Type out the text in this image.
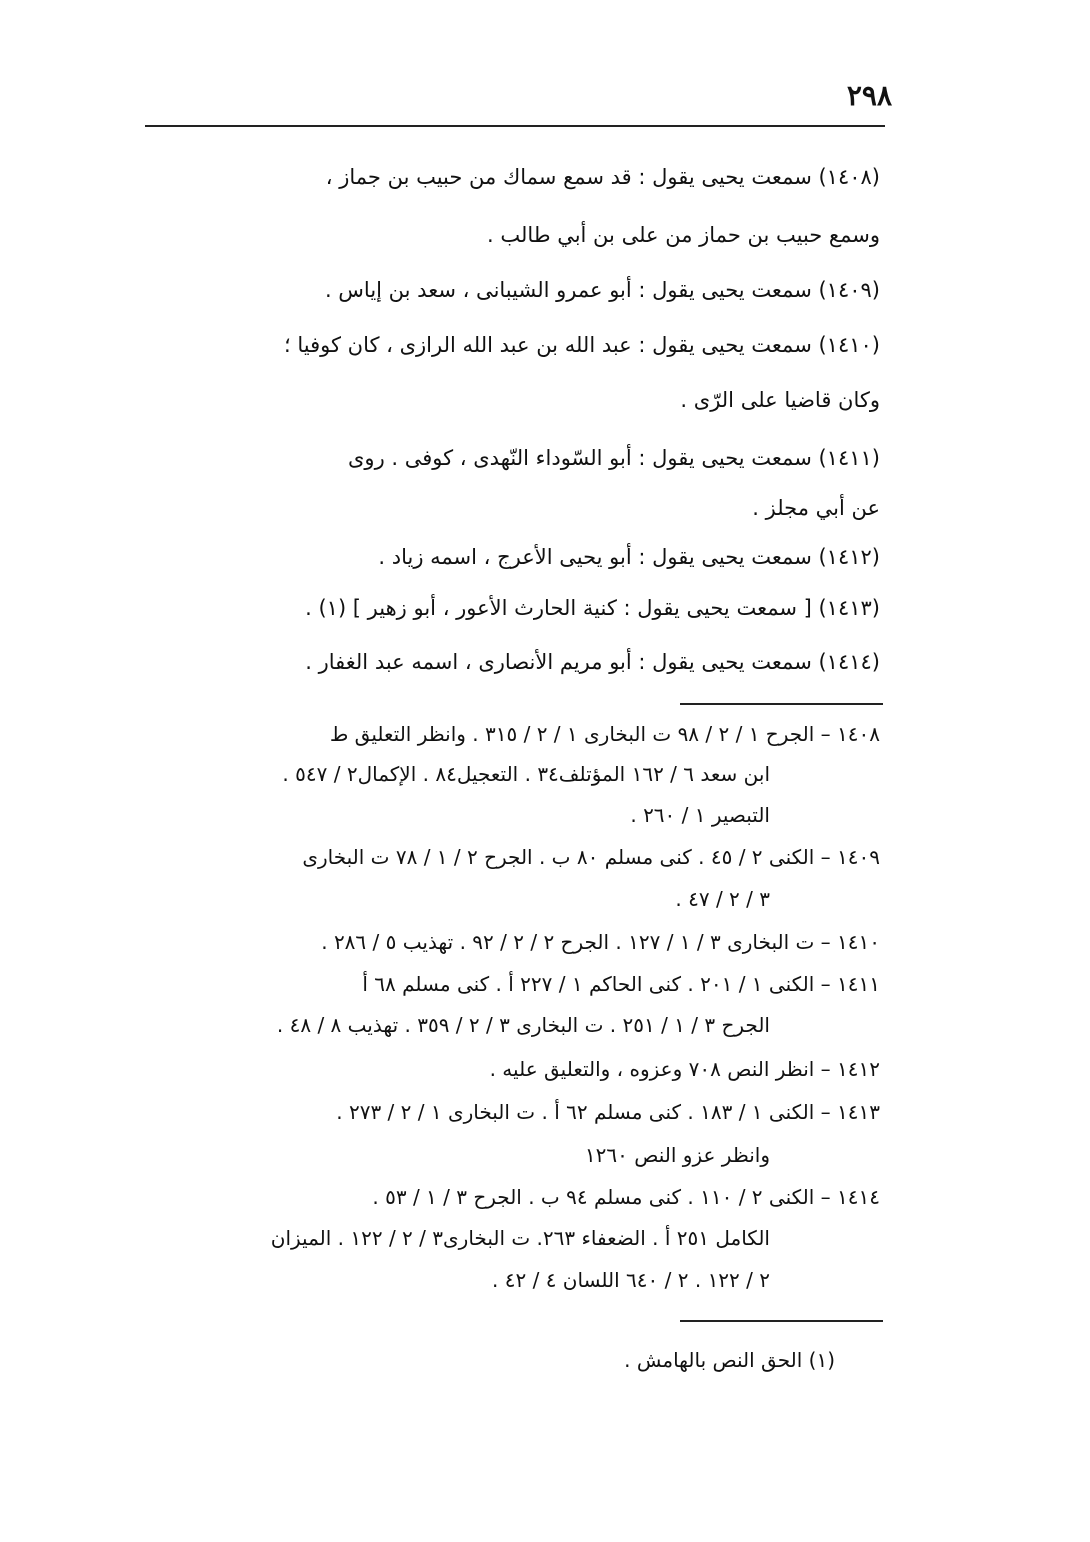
٢٩٨
(١٤٠٨) سمعت يحيى يقول : قد سمع سماك من حبيب بن جماز ،
وسمع حبيب بن حماز من على بن أبي طالب .
(١٤٠٩) سمعت يحيى يقول : أبو عمرو الشيبانى ، سعد بن إياس .
(١٤١٠) سمعت يحيى يقول : عبد الله بن عبد الله الرازى ، كان كوفيا ؛
وكان قاضيا على الرّى .
(١٤١١) سمعت يحيى يقول : أبو السّوداء النّهدى ، كوفى . روى
عن أبي مجلز .
(١٤١٢) سمعت يحيى يقول : أبو يحيى الأعرج ، اسمه زياد .
(١٤١٣) [ سمعت يحيى يقول : كنية الحارث الأعور ، أبو زهير ] (١) .
(١٤١٤) سمعت يحيى يقول : أبو مريم الأنصارى ، اسمه عبد الغفار .
١٤٠٨ – الجرح ١ / ٢ / ٩٨ ت البخارى ١ / ٢ / ٣١٥ . وانظر التعليق ط
ابن سعد ٦ / ١٦٢ المؤتلف٣٤ . التعجيل٨٤ . الإكمال٢ / ٥٤٧ .
التبصير ١ / ٢٦٠ .
١٤٠٩ – الكنى ٢ / ٤٥ . كنى مسلم ٨٠ ب . الجرح ٢ / ١ / ٧٨ ت البخارى
٣ / ٢ / ٤٧ .
١٤١٠ – ت البخارى ٣ / ١ / ١٢٧ . الجرح ٢ / ٢ / ٩٢ . تهذيب ٥ / ٢٨٦ .
١٤١١ – الكنى ١ / ٢٠١ . كنى الحاكم ١ / ٢٢٧ أ . كنى مسلم ٦٨ أ
الجرح ٣ / ١ / ٢٥١ . ت البخارى ٣ / ٢ / ٣٥٩ . تهذيب ٨ / ٤٨ .
١٤١٢ – انظر النص ٧٠٨ وعزوه ، والتعليق عليه .
١٤١٣ – الكنى ١ / ١٨٣ . كنى مسلم ٦٢ أ . ت البخارى ١ / ٢ / ٢٧٣ .
وانظر عزو النص ١٢٦٠
١٤١٤ – الكنى ٢ / ١١٠ . كنى مسلم ٩٤ ب . الجرح ٣ / ١ / ٥٣ .
الكامل ٢٥١ أ . الضعفاء ٢٦٣. ت البخارى٣ / ٢ / ١٢٢ . الميزان
٢ / ١٢٢ . ٢ / ٦٤٠ اللسان ٤ / ٤٢ .
(١) الحق النص بالهامش .
